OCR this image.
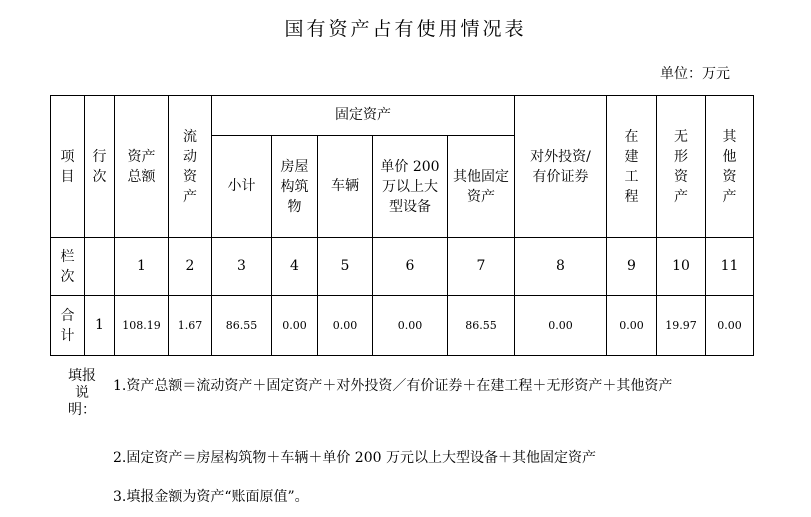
国有资产占有使用情况表
单位：万元
项目	行次	资产总额	流动资产	固定资产					对外投资/有价证券	在建工程	无形资产	其他资产
				小计	房屋构筑物	车辆	单价 200 万以上大型设备	其他固定资产				
栏次		1	2	3	4	5	6	7	8	9	10	11
合计	1	108.19	1.67	86.55	0.00	0.00	0.00	86.55	0.00	0.00	19.97	0.00
填报说明：
1.资产总额＝流动资产＋固定资产＋对外投资／有价证券＋在建工程＋无形资产＋其他资产
2.固定资产＝房屋构筑物＋车辆＋单价 200 万元以上大型设备＋其他固定资产
3.填报金额为资产“账面原值”。
